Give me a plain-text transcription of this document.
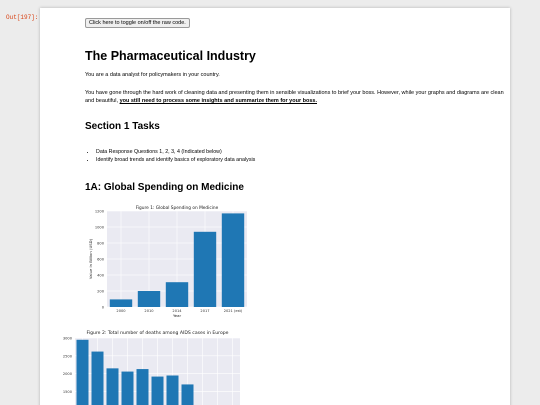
Out[197]:
Click here to toggle on/off the raw code.
The Pharmaceutical Industry

You are a data analyst for policymakers in your country.

You have gone through the hard work of cleaning data and presenting them in sensible visualizations to brief your boss. However, while your graphs and diagrams are clean and beautiful, you still need to process some insights and summarize them for your boss.

Section 1 Tasks
• Data Response Questions 1, 2, 3, 4 (Indicated below)
• Identify broad trends and identify basics of exploratory data analysis
1A: Global Spending on Medicine
0
200
400
600
800
1000
1200
2000	2010	2014	2017	2021 (est)
Figure 1: Global Spending on Medicine
Year
Value in Billion (USD)
1500
2000
2500
3000
Figure 2: Total number of deaths among AIDS cases in Europe
